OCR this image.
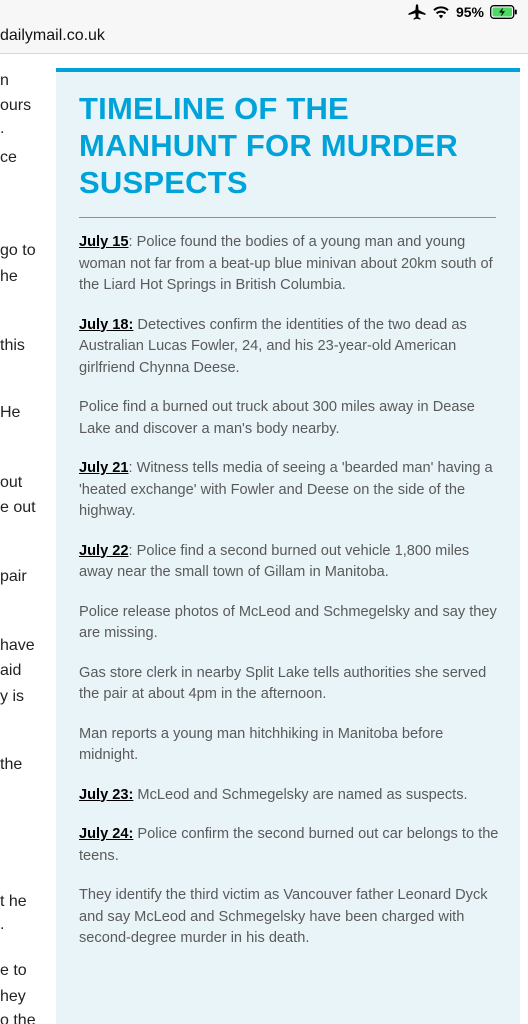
95%
dailymail.co.uk
n
ours
.
ce
go to
he
this
He
out
e out
pair
have
aid
y is
the
t he
.
e to
hey
o the
TIMELINE OF THE MANHUNT FOR MURDER SUSPECTS

July 15: Police found the bodies of a young man and young woman not far from a beat-up blue minivan about 20km south of the Liard Hot Springs in British Columbia.

July 18: Detectives confirm the identities of the two dead as Australian Lucas Fowler, 24, and his 23-year-old American girlfriend Chynna Deese.

Police find a burned out truck about 300 miles away in Dease Lake and discover a man's body nearby.

July 21: Witness tells media of seeing a 'bearded man' having a 'heated exchange' with Fowler and Deese on the side of the highway.

July 22: Police find a second burned out vehicle 1,800 miles away near the small town of Gillam in Manitoba.

Police release photos of McLeod and Schmegelsky and say they are missing.

Gas store clerk in nearby Split Lake tells authorities she served the pair at about 4pm in the afternoon.

Man reports a young man hitchhiking in Manitoba before midnight.

July 23: McLeod and Schmegelsky are named as suspects.

July 24: Police confirm the second burned out car belongs to the teens.

They identify the third victim as Vancouver father Leonard Dyck and say McLeod and Schmegelsky have been charged with second-degree murder in his death.
